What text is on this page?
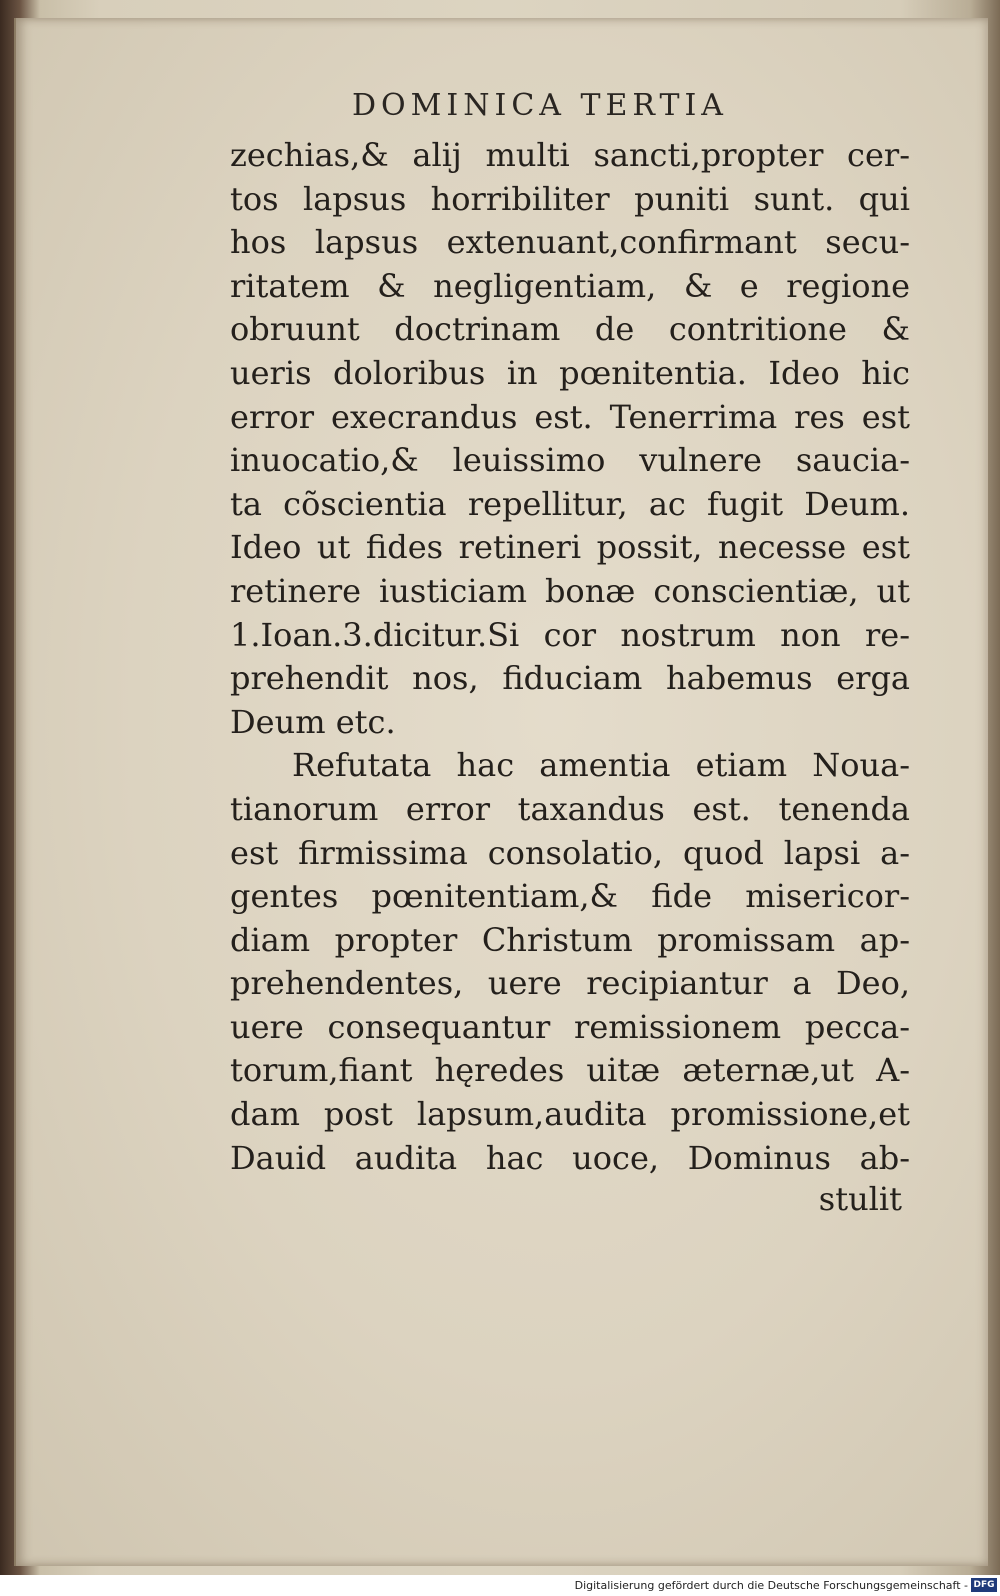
DOMINICA TERTIA
zechias,& alij multi sancti,propter cer-
tos lapsus horribiliter puniti sunt. qui
hos lapsus extenuant,confirmant secu-
ritatem & negligentiam, & e regione
obruunt doctrinam de contritione &
ueris doloribus in pœnitentia. Ideo hic
error execrandus est. Tenerrima res est
inuocatio,& leuissimo vulnere saucia-
ta cõscientia repellitur, ac fugit Deum.
Ideo ut fides retineri possit, necesse est
retinere iusticiam bonæ conscientiæ, ut
1.Ioan.3.dicitur.Si cor nostrum non re-
prehendit nos, fiduciam habemus erga
Deum etc.
Refutata hac amentia etiam Noua-
tianorum error taxandus est. tenenda
est firmissima consolatio, quod lapsi a-
gentes pœnitentiam,& fide misericor-
diam propter Christum promissam ap-
prehendentes, uere recipiantur a Deo,
uere consequantur remissionem pecca-
torum,fiant hęredes uitæ æternæ,ut A-
dam post lapsum,audita promissione,et
Dauid audita hac uoce, Dominus ab-
stulit
Digitalisierung gefördert durch die Deutsche Forschungsgemeinschaft - DFG
